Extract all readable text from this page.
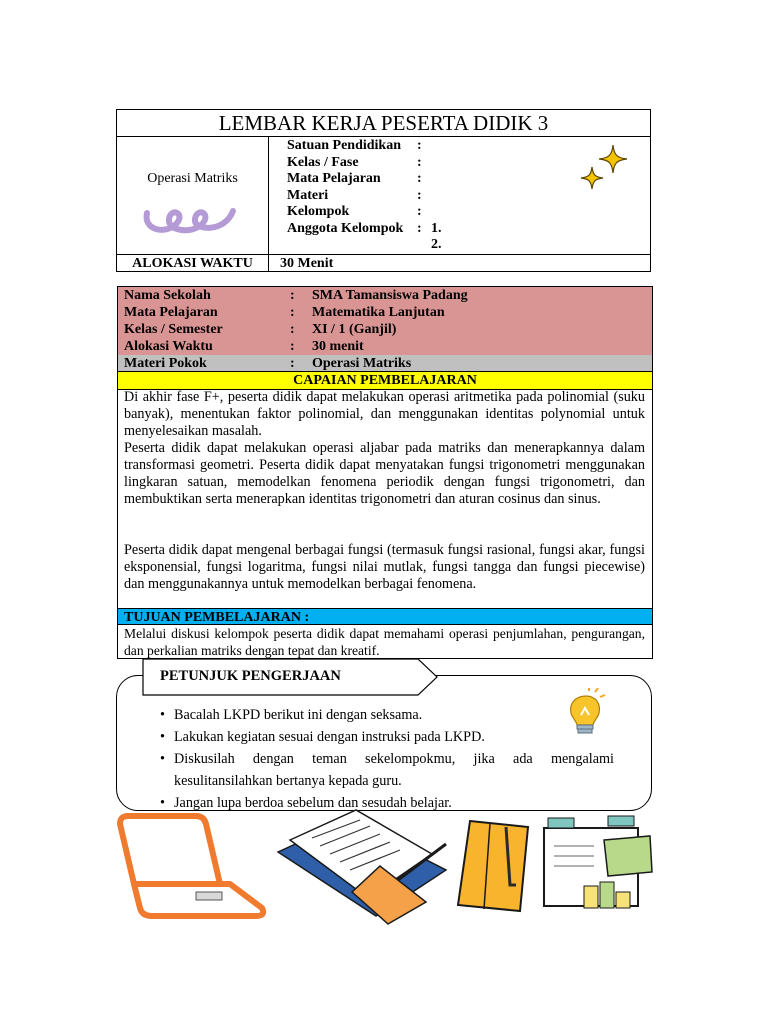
LEMBAR KERJA PESERTA DIDIK 3
Operasi Matriks
Satuan Pendidikan :
Kelas / Fase	:
Mata Pelajaran	:
Materi	:
Kelompok	:
Anggota Kelompok : 1.
2.
ALOKASI WAKTU	30 Menit
Nama Sekolah	: SMA Tamansiswa Padang
Mata Pelajaran	: Matematika Lanjutan
Kelas / Semester	: XI / 1 (Ganjil)
Alokasi Waktu	: 30 menit
Materi Pokok	: Operasi Matriks
CAPAIAN PEMBELAJARAN
Di akhir fase F+, peserta didik dapat melakukan operasi aritmetika pada polinomial (suku banyak), menentukan faktor polinomial, dan menggunakan identitas polynomial untuk menyelesaikan masalah.
Peserta didik dapat melakukan operasi aljabar pada matriks dan menerapkannya dalam transformasi geometri. Peserta didik dapat menyatakan fungsi trigonometri menggunakan lingkaran satuan, memodelkan fenomena periodik dengan fungsi trigonometri, dan membuktikan serta menerapkan identitas trigonometri dan aturan cosinus dan sinus.
Peserta didik dapat mengenal berbagai fungsi (termasuk fungsi rasional, fungsi akar, fungsi eksponensial, fungsi logaritma, fungsi nilai mutlak, fungsi tangga dan fungsi piecewise) dan menggunakannya untuk memodelkan berbagai fenomena.
TUJUAN PEMBELAJARAN :
Melalui diskusi kelompok peserta didik dapat memahami operasi penjumlahan, pengurangan, dan perkalian matriks dengan tepat dan kreatif.
PETUNJUK PENGERJAAN
• Bacalah LKPD berikut ini dengan seksama.
• Lakukan kegiatan sesuai dengan instruksi pada LKPD.
• Diskusilah dengan teman sekelompokmu, jika ada mengalami kesulitansilahkan bertanya kepada guru.
• Jangan lupa berdoa sebelum dan sesudah belajar.
